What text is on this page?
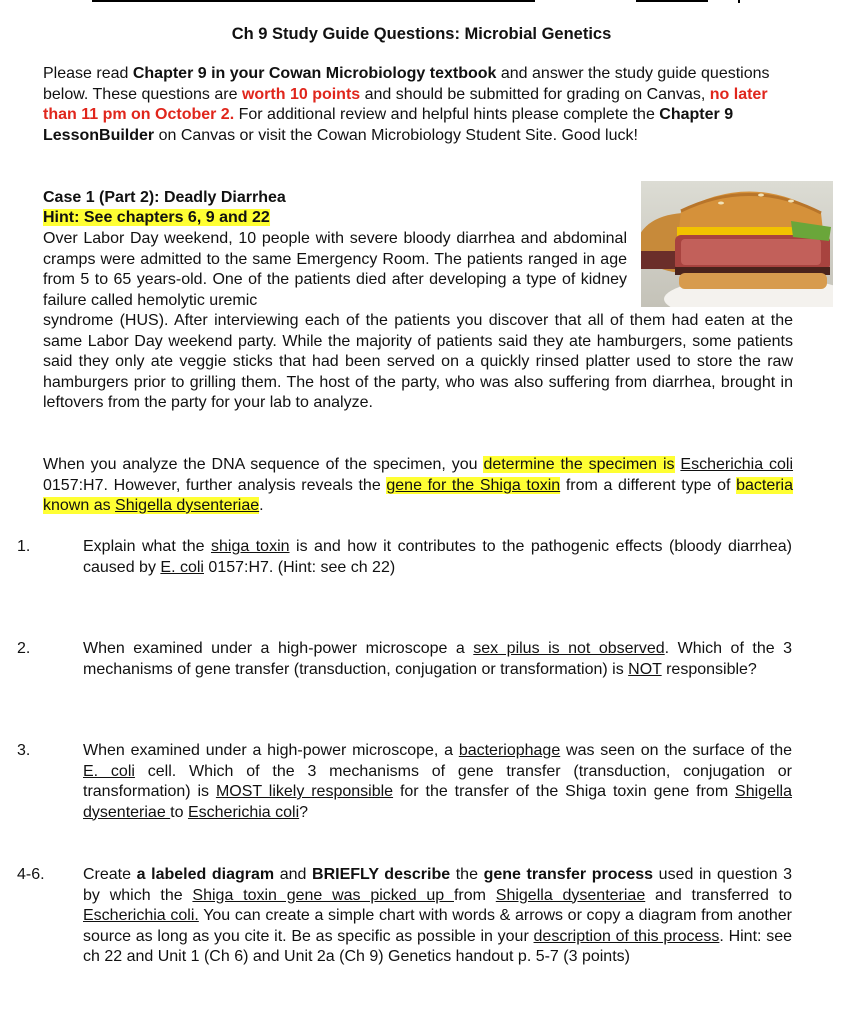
Ch 9 Study Guide Questions: Microbial Genetics
Please read Chapter 9 in your Cowan Microbiology textbook and answer the study guide questions below. These questions are worth 10 points and should be submitted for grading on Canvas, no later than 11 pm on October 2. For additional review and helpful hints please complete the Chapter 9 LessonBuilder on Canvas or visit the Cowan Microbiology Student Site. Good luck!
Case 1 (Part 2): Deadly Diarrhea
Hint: See chapters 6, 9 and 22
Over Labor Day weekend, 10 people with severe bloody diarrhea and abdominal cramps were admitted to the same Emergency Room. The patients ranged in age from 5 to 65 years-old. One of the patients died after developing a type of kidney failure called hemolytic uremic
syndrome (HUS). After interviewing each of the patients you discover that all of them had eaten at the same Labor Day weekend party. While the majority of patients said they ate hamburgers, some patients said they only ate veggie sticks that had been served on a quickly rinsed platter used to store the raw hamburgers prior to grilling them. The host of the party, who was also suffering from diarrhea, brought in leftovers from the party for your lab to analyze.
When you analyze the DNA sequence of the specimen, you determine the specimen is Escherichia coli 0157:H7. However, further analysis reveals the gene for the Shiga toxin from a different type of bacteria known as Shigella dysenteriae.
1.	Explain what the shiga toxin is and how it contributes to the pathogenic effects (bloody diarrhea) caused by E. coli 0157:H7. (Hint: see ch 22)
2.	When examined under a high-power microscope a sex pilus is not observed. Which of the 3 mechanisms of gene transfer (transduction, conjugation or transformation) is NOT responsible?
3.	When examined under a high-power microscope, a bacteriophage was seen on the surface of the E. coli cell. Which of the 3 mechanisms of gene transfer (transduction, conjugation or transformation) is MOST likely responsible for the transfer of the Shiga toxin gene from Shigella dysenteriae to Escherichia coli?
4-6. Create a labeled diagram and BRIEFLY describe the gene transfer process used in question 3 by which the Shiga toxin gene was picked up from Shigella dysenteriae and transferred to Escherichia coli. You can create a simple chart with words & arrows or copy a diagram from another source as long as you cite it. Be as specific as possible in your description of this process. Hint: see ch 22 and Unit 1 (Ch 6) and Unit 2a (Ch 9) Genetics handout p. 5-7 (3 points)
